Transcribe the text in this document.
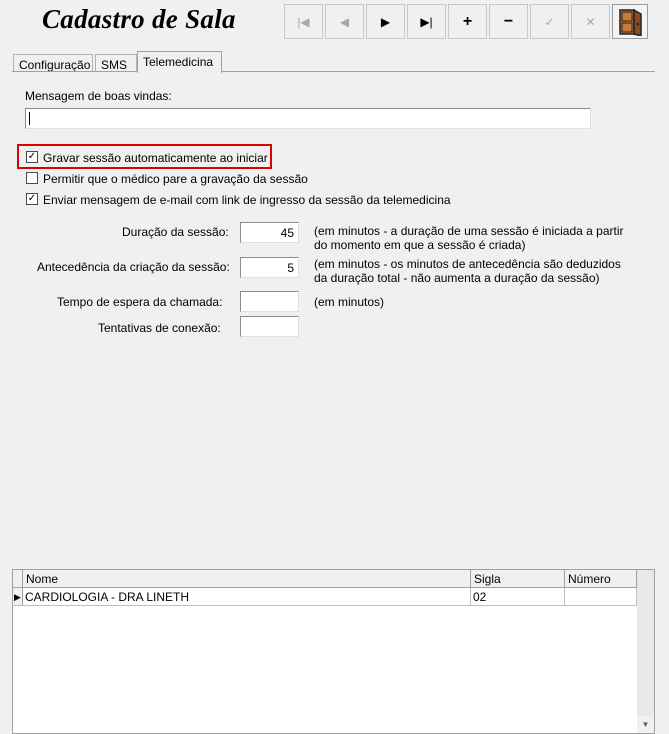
Cadastro de Sala	|◀	◀	▶	▶| + −	✓	✕
Configuração SMS	Telemedicina
Mensagem de boas vindas:
✓ Gravar sessão automaticamente ao iniciar
Permitir que o médico pare a gravação da sessão
✓ Enviar mensagem de e-mail com link de ingresso da sessão da telemedicina
Duração da sessão:	45	(em minutos - a duração de uma sessão é iniciada a partir
do momento em que a sessão é criada)
Antecedência da criação da sessão:	5	(em minutos - os minutos de antecedência são deduzidos
da duração total - não aumenta a duração da sessão)
Tempo de espera da chamada:	(em minutos)
Tentativas de conexão:
Nome	Sigla	Número
▶ CARDIOLOGIA - DRA LINETH	02
▼
